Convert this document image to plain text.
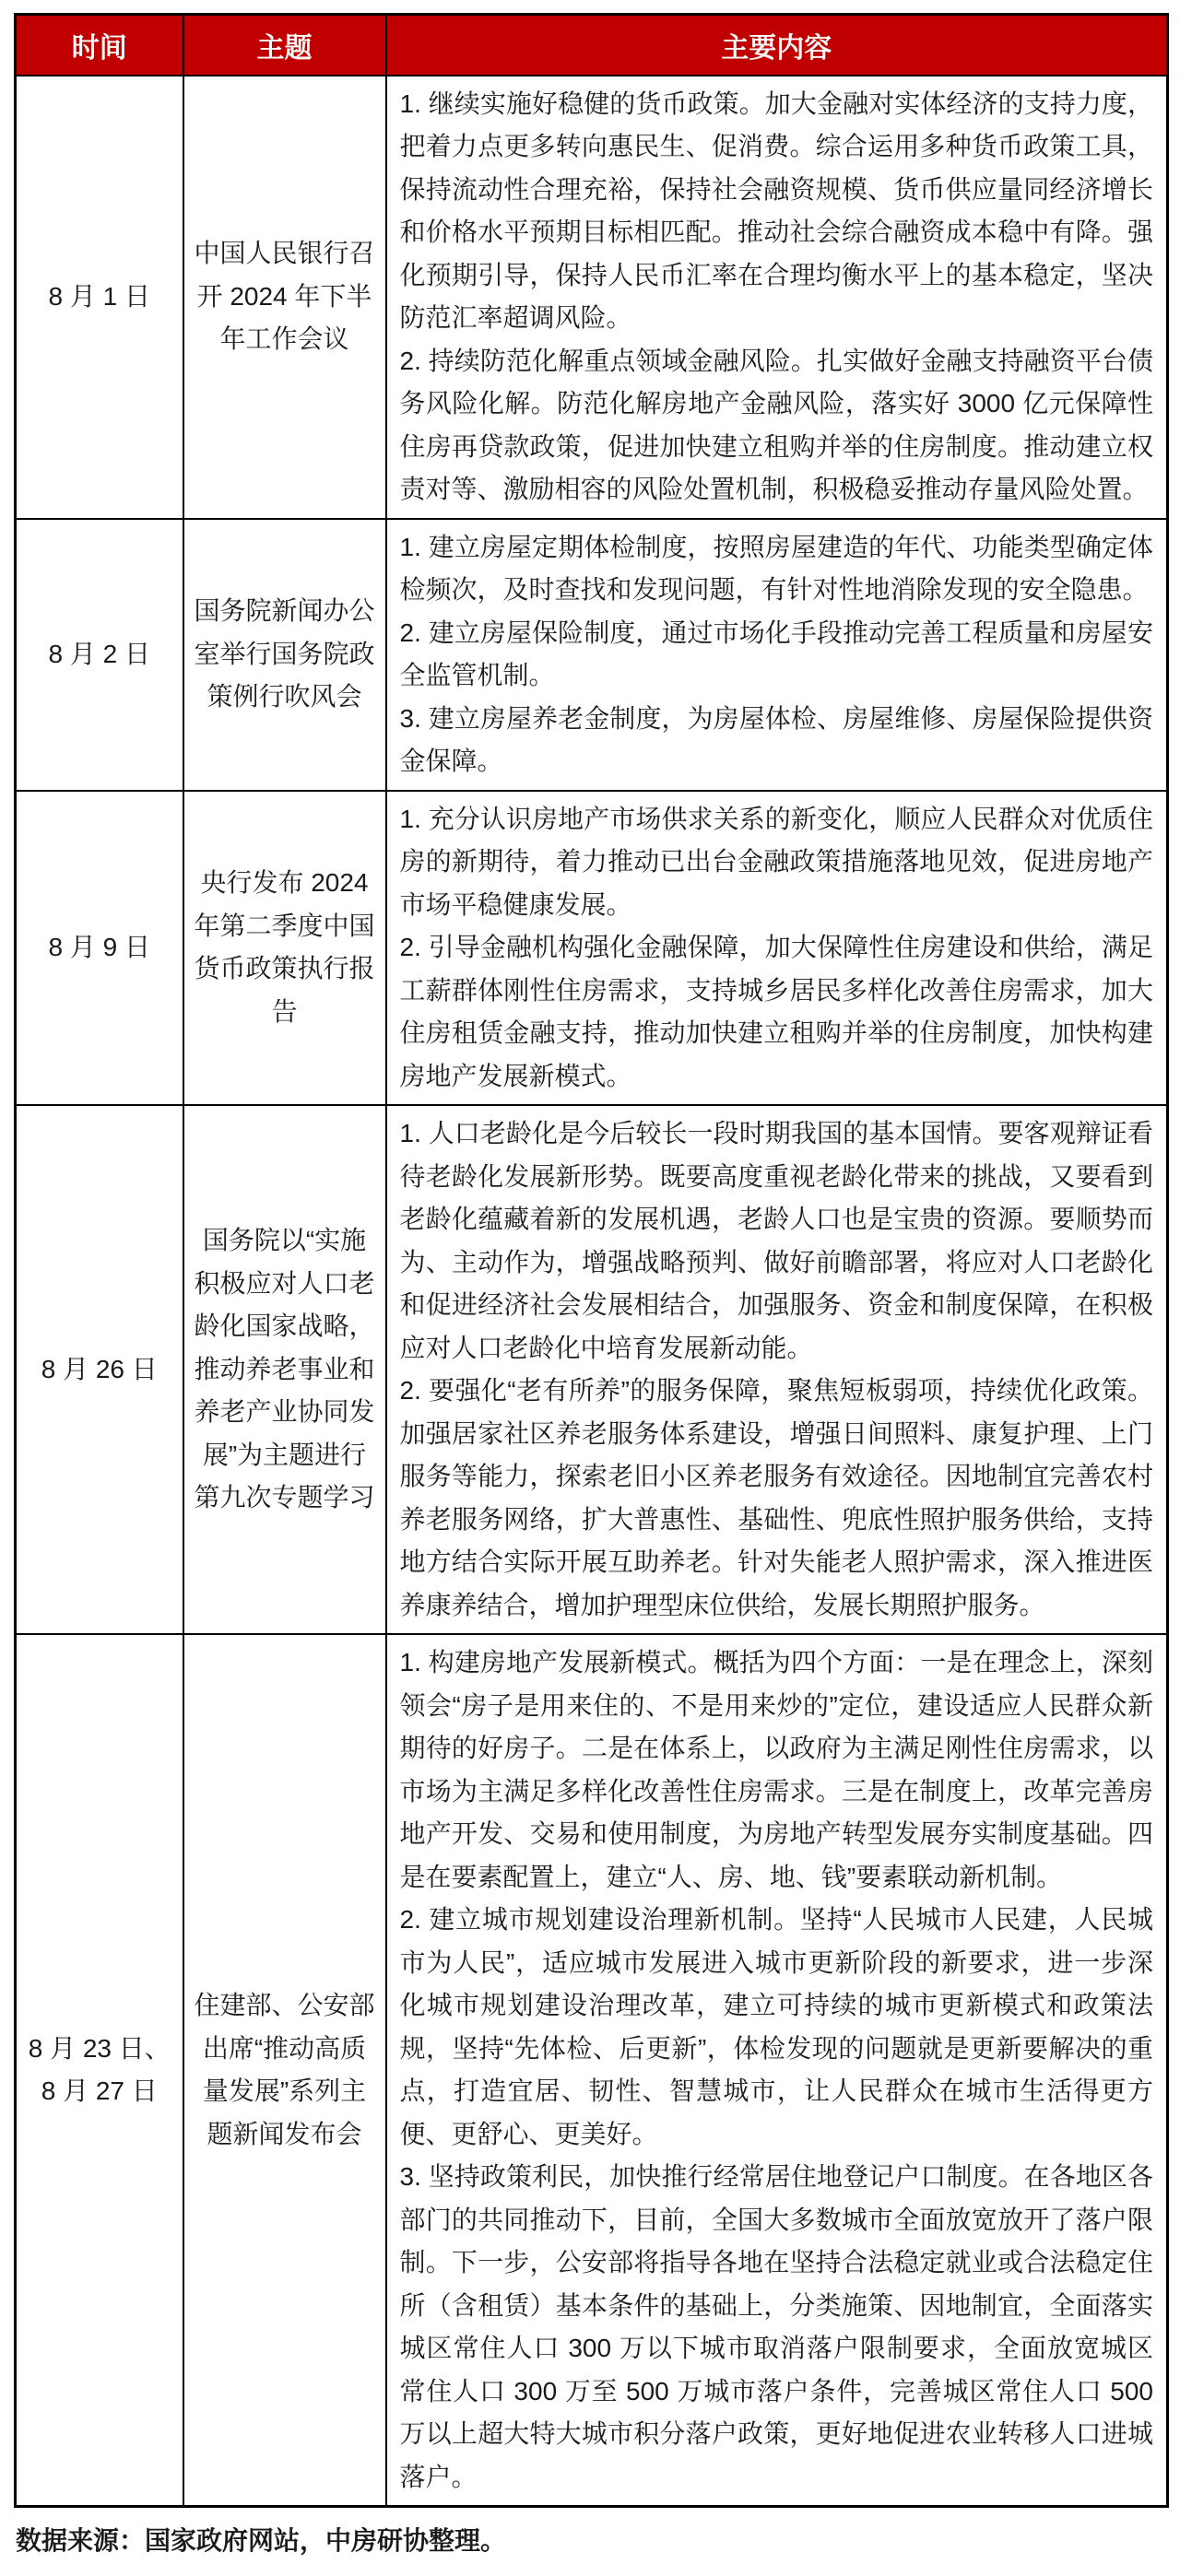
时间	主题	主要内容
8 月 1 日	中国人民银行召开 2024 年下半年工作会议	1. 继续实施好稳健的货币政策。加大金融对实体经济的支持力度，把着力点更多转向惠民生、促消费。综合运用多种货币政策工具，保持流动性合理充裕，保持社会融资规模、货币供应量同经济增长和价格水平预期目标相匹配。推动社会综合融资成本稳中有降。强化预期引导，保持人民币汇率在合理均衡水平上的基本稳定，坚决防范汇率超调风险。

2. 持续防范化解重点领域金融风险。扎实做好金融支持融资平台债务风险化解。防范化解房地产金融风险，落实好 3000 亿元保障性住房再贷款政策，促进加快建立租购并举的住房制度。推动建立权责对等、激励相容的风险处置机制，积极稳妥推动存量风险处置。

8 月 2 日	国务院新闻办公室举行国务院政策例行吹风会	1. 建立房屋定期体检制度，按照房屋建造的年代、功能类型确定体检频次，及时查找和发现问题，有针对性地消除发现的安全隐患。

2. 建立房屋保险制度，通过市场化手段推动完善工程质量和房屋安全监管机制。

3. 建立房屋养老金制度，为房屋体检、房屋维修、房屋保险提供资金保障。

8 月 9 日	央行发布 2024 年第二季度中国货币政策执行报告	1. 充分认识房地产市场供求关系的新变化，顺应人民群众对优质住房的新期待，着力推动已出台金融政策措施落地见效，促进房地产市场平稳健康发展。

2. 引导金融机构强化金融保障，加大保障性住房建设和供给，满足工薪群体刚性住房需求，支持城乡居民多样化改善住房需求，加大住房租赁金融支持，推动加快建立租购并举的住房制度，加快构建房地产发展新模式。

8 月 26 日	国务院以“实施积极应对人口老龄化国家战略，推动养老事业和养老产业协同发展”为主题进行第九次专题学习	1. 人口老龄化是今后较长一段时期我国的基本国情。要客观辩证看待老龄化发展新形势。既要高度重视老龄化带来的挑战，又要看到老龄化蕴藏着新的发展机遇，老龄人口也是宝贵的资源。要顺势而为、主动作为，增强战略预判、做好前瞻部署，将应对人口老龄化和促进经济社会发展相结合，加强服务、资金和制度保障，在积极应对人口老龄化中培育发展新动能。

2. 要强化“老有所养”的服务保障，聚焦短板弱项，持续优化政策。加强居家社区养老服务体系建设，增强日间照料、康复护理、上门服务等能力，探索老旧小区养老服务有效途径。因地制宜完善农村养老服务网络，扩大普惠性、基础性、兜底性照护服务供给，支持地方结合实际开展互助养老。针对失能老人照护需求，深入推进医养康养结合，增加护理型床位供给，发展长期照护服务。

8 月 23 日、8 月 27 日	住建部、公安部出席“推动高质量发展”系列主题新闻发布会	1. 构建房地产发展新模式。概括为四个方面：一是在理念上，深刻领会“房子是用来住的、不是用来炒的”定位，建设适应人民群众新期待的好房子。二是在体系上，以政府为主满足刚性住房需求，以市场为主满足多样化改善性住房需求。三是在制度上，改革完善房地产开发、交易和使用制度，为房地产转型发展夯实制度基础。四是在要素配置上，建立“人、房、地、钱”要素联动新机制。

2. 建立城市规划建设治理新机制。坚持“人民城市人民建，人民城市为人民”，适应城市发展进入城市更新阶段的新要求，进一步深化城市规划建设治理改革，建立可持续的城市更新模式和政策法规，坚持“先体检、后更新”，体检发现的问题就是更新要解决的重点，打造宜居、韧性、智慧城市，让人民群众在城市生活得更方便、更舒心、更美好。

3. 坚持政策利民，加快推行经常居住地登记户口制度。在各地区各部门的共同推动下，目前，全国大多数城市全面放宽放开了落户限制。下一步，公安部将指导各地在坚持合法稳定就业或合法稳定住所（含租赁）基本条件的基础上，分类施策、因地制宜，全面落实城区常住人口 300 万以下城市取消落户限制要求，全面放宽城区常住人口 300 万至 500 万城市落户条件，完善城区常住人口 500 万以上超大特大城市积分落户政策，更好地促进农业转移人口进城落户。

数据来源：国家政府网站，中房研协整理。
